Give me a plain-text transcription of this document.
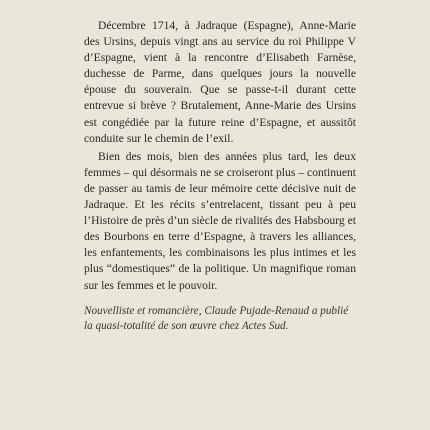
Décembre 1714, à Jadraque (Espagne), Anne-Marie des Ursins, depuis vingt ans au service du roi Philippe V d’Espagne, vient à la rencontre d’Elisabeth Farnèse, duchesse de Parme, dans quelques jours la nouvelle épouse du souverain. Que se passe-t-il durant cette entrevue si brève ? Brutalement, Anne-Marie des Ursins est congédiée par la future reine d’Espagne, et aussitôt conduite sur le chemin de l’exil.

Bien des mois, bien des années plus tard, les deux femmes – qui désormais ne se croiseront plus – continuent de passer au tamis de leur mémoire cette décisive nuit de Jadraque. Et les récits s’entrelacent, tissant peu à peu l’Histoire de près d’un siècle de rivalités des Habsbourg et des Bourbons en terre d’Espagne, à travers les alliances, les enfantements, les combinaisons les plus intimes et les plus “domestiques” de la politique. Un magnifique roman sur les femmes et le pouvoir.

Nouvelliste et romancière, Claude Pujade-Renaud a publié la quasi-totalité de son œuvre chez Actes Sud.
